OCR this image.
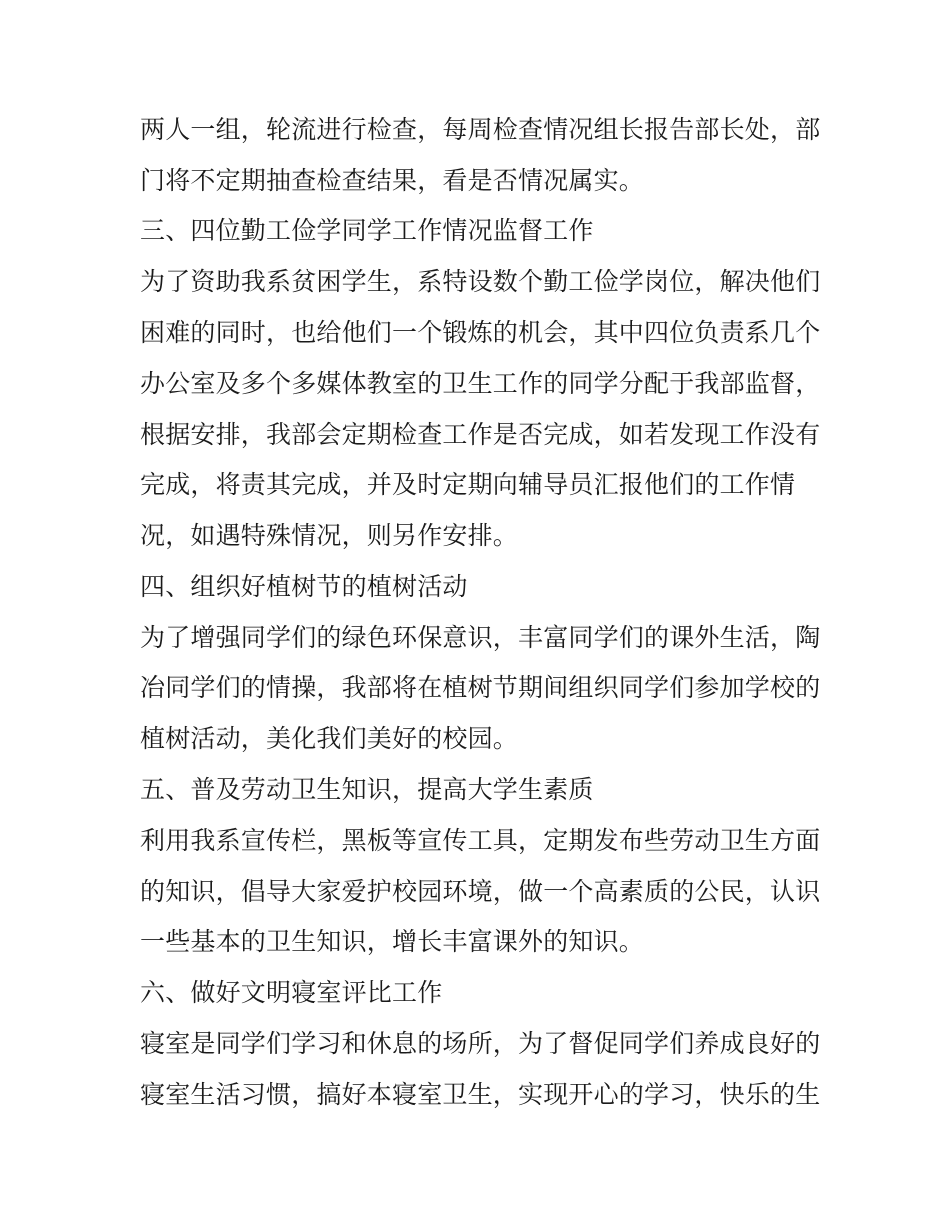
两人一组，轮流进行检查，每周检查情况组长报告部长处，部
门将不定期抽查检查结果，看是否情况属实。
三、四位勤工俭学同学工作情况监督工作
为了资助我系贫困学生，系特设数个勤工俭学岗位，解决他们
困难的同时，也给他们一个锻炼的机会，其中四位负责系几个
办公室及多个多媒体教室的卫生工作的同学分配于我部监督，
根据安排，我部会定期检查工作是否完成，如若发现工作没有
完成，将责其完成，并及时定期向辅导员汇报他们的工作情
况，如遇特殊情况，则另作安排。
四、组织好植树节的植树活动
为了增强同学们的绿色环保意识，丰富同学们的课外生活，陶
冶同学们的情操，我部将在植树节期间组织同学们参加学校的
植树活动，美化我们美好的校园。
五、普及劳动卫生知识，提高大学生素质
利用我系宣传栏，黑板等宣传工具，定期发布些劳动卫生方面
的知识，倡导大家爱护校园环境，做一个高素质的公民，认识
一些基本的卫生知识，增长丰富课外的知识。
六、做好文明寝室评比工作
寝室是同学们学习和休息的场所，为了督促同学们养成良好的
寝室生活习惯，搞好本寝室卫生，实现开心的学习，快乐的生
